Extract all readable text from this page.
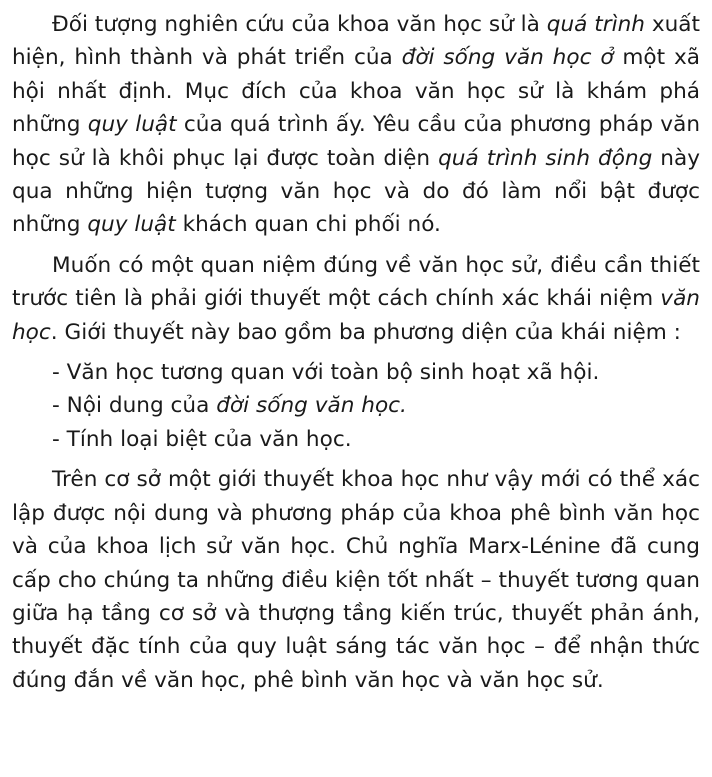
Đối tượng nghiên cứu của khoa văn học sử là quá trình xuất hiện, hình thành và phát triển của đời sống văn học ở một xã hội nhất định. Mục đích của khoa văn học sử là khám phá những quy luật của quá trình ấy. Yêu cầu của phương pháp văn học sử là khôi phục lại được toàn diện quá trình sinh động này qua những hiện tượng văn học và do đó làm nổi bật được những quy luật khách quan chi phối nó.

Muốn có một quan niệm đúng về văn học sử, điều cần thiết trước tiên là phải giới thuyết một cách chính xác khái niệm văn học. Giới thuyết này bao gồm ba phương diện của khái niệm :

- Văn học tương quan với toàn bộ sinh hoạt xã hội.
- Nội dung của đời sống văn học.
- Tính loại biệt của văn học.

Trên cơ sở một giới thuyết khoa học như vậy mới có thể xác lập được nội dung và phương pháp của khoa phê bình văn học và của khoa lịch sử văn học. Chủ nghĩa Marx-Lénine đã cung cấp cho chúng ta những điều kiện tốt nhất – thuyết tương quan giữa hạ tầng cơ sở và thượng tầng kiến trúc, thuyết phản ánh, thuyết đặc tính của quy luật sáng tác văn học – để nhận thức đúng đắn về văn học, phê bình văn học và văn học sử.
